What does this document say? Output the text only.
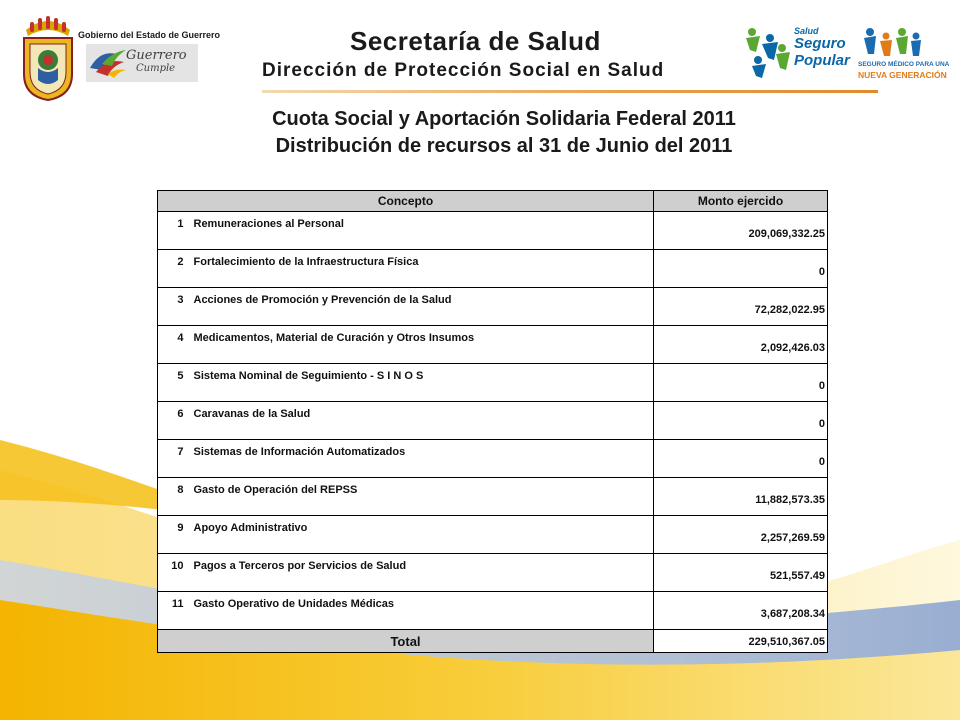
Gobierno del Estado de Guerrero
Guerrero
Cumple
Secretaría de Salud
Dirección de Protección Social en Salud
Salud
Seguro
Popular SEGURO MÉDICO PARA UNA
NUEVA GENERACIÓN
Cuota Social y Aportación Solidaria Federal 2011
Distribución de recursos al 31 de Junio del 2011
Concepto		Monto ejercido
1	Remuneraciones al Personal	209,069,332.25
2	Fortalecimiento de la Infraestructura Física	0
3	Acciones de Promoción y Prevención de la Salud	72,282,022.95
4	Medicamentos, Material de Curación y Otros Insumos	2,092,426.03
5	Sistema Nominal de Seguimiento - S I N O S	0
6	Caravanas de la Salud	0
7	Sistemas de Información Automatizados	0
8	Gasto de Operación del REPSS	11,882,573.35
9	Apoyo Administrativo	2,257,269.59
10	Pagos a Terceros por Servicios de Salud	521,557.49
11	Gasto Operativo de Unidades Médicas	3,687,208.34
Total		229,510,367.05
